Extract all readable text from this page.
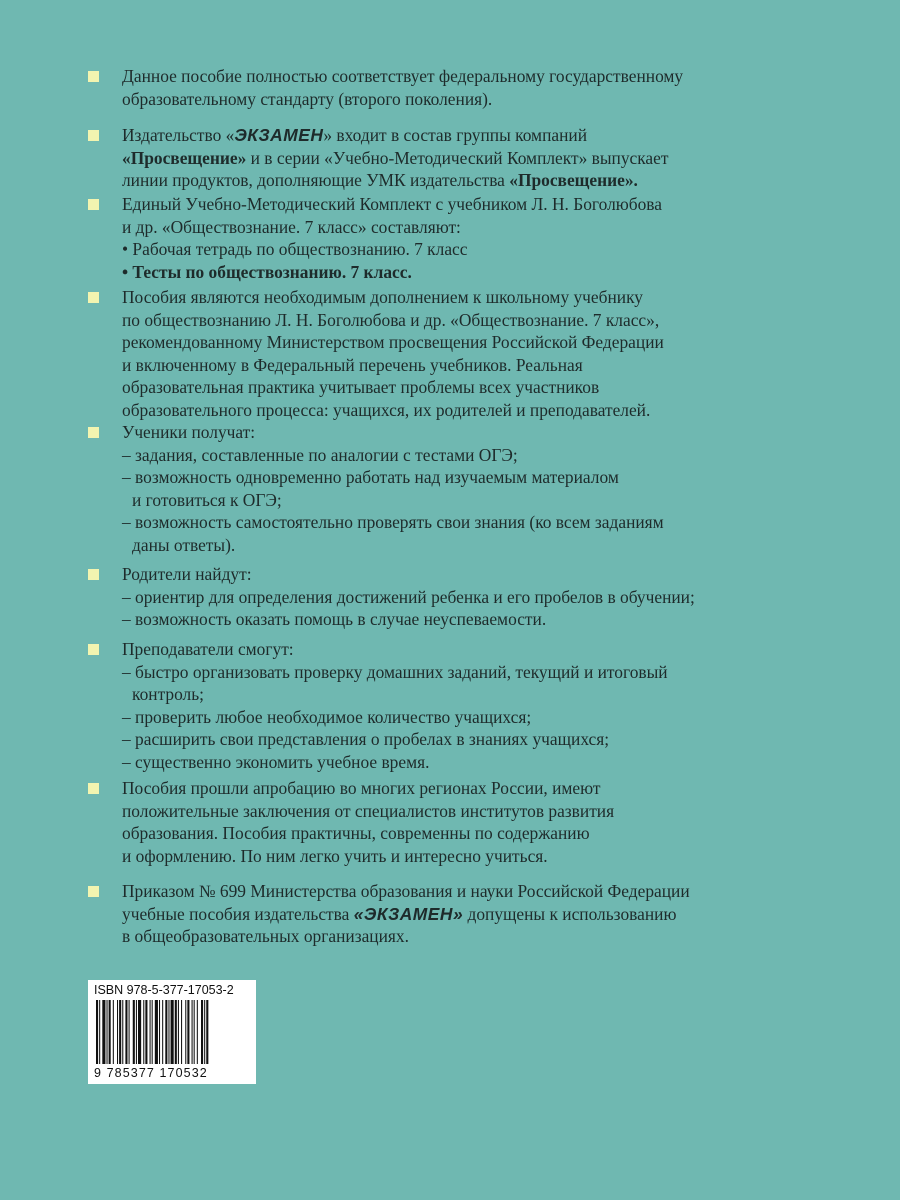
Данное пособие полностью соответствует федеральному государственному
образовательному стандарту (второго поколения).
Издательство «ЭКЗАМЕН» входит в состав группы компаний
«Просвещение» и в серии «Учебно-Методический Комплект» выпускает
линии продуктов, дополняющие УМК издательства «Просвещение».
Единый Учебно-Методический Комплект с учебником Л. Н. Боголюбова
и др. «Обществознание. 7 класс» составляют:
• Рабочая тетрадь по обществознанию. 7 класс
• Тесты по обществознанию. 7 класс.
Пособия являются необходимым дополнением к школьному учебнику
по обществознанию Л. Н. Боголюбова и др. «Обществознание. 7 класс»,
рекомендованному Министерством просвещения Российской Федерации
и включенному в Федеральный перечень учебников. Реальная
образовательная практика учитывает проблемы всех участников
образовательного процесса: учащихся, их родителей и преподавателей.
Ученики получат:
– задания, составленные по аналогии с тестами ОГЭ;
– возможность одновременно работать над изучаемым материалом
и готовиться к ОГЭ;
– возможность самостоятельно проверять свои знания (ко всем заданиям
даны ответы).
Родители найдут:
– ориентир для определения достижений ребенка и его пробелов в обучении;
– возможность оказать помощь в случае неуспеваемости.
Преподаватели смогут:
– быстро организовать проверку домашних заданий, текущий и итоговый
контроль;
– проверить любое необходимое количество учащихся;
– расширить свои представления о пробелах в знаниях учащихся;
– существенно экономить учебное время.
Пособия прошли апробацию во многих регионах России, имеют
положительные заключения от специалистов институтов развития
образования. Пособия практичны, современны по содержанию
и оформлению. По ним легко учить и интересно учиться.
Приказом № 699 Министерства образования и науки Российской Федерации
учебные пособия издательства «ЭКЗАМЕН» допущены к использованию
в общеобразовательных организациях.
ISBN 978-5-377-17053-2
9 785377 170532
